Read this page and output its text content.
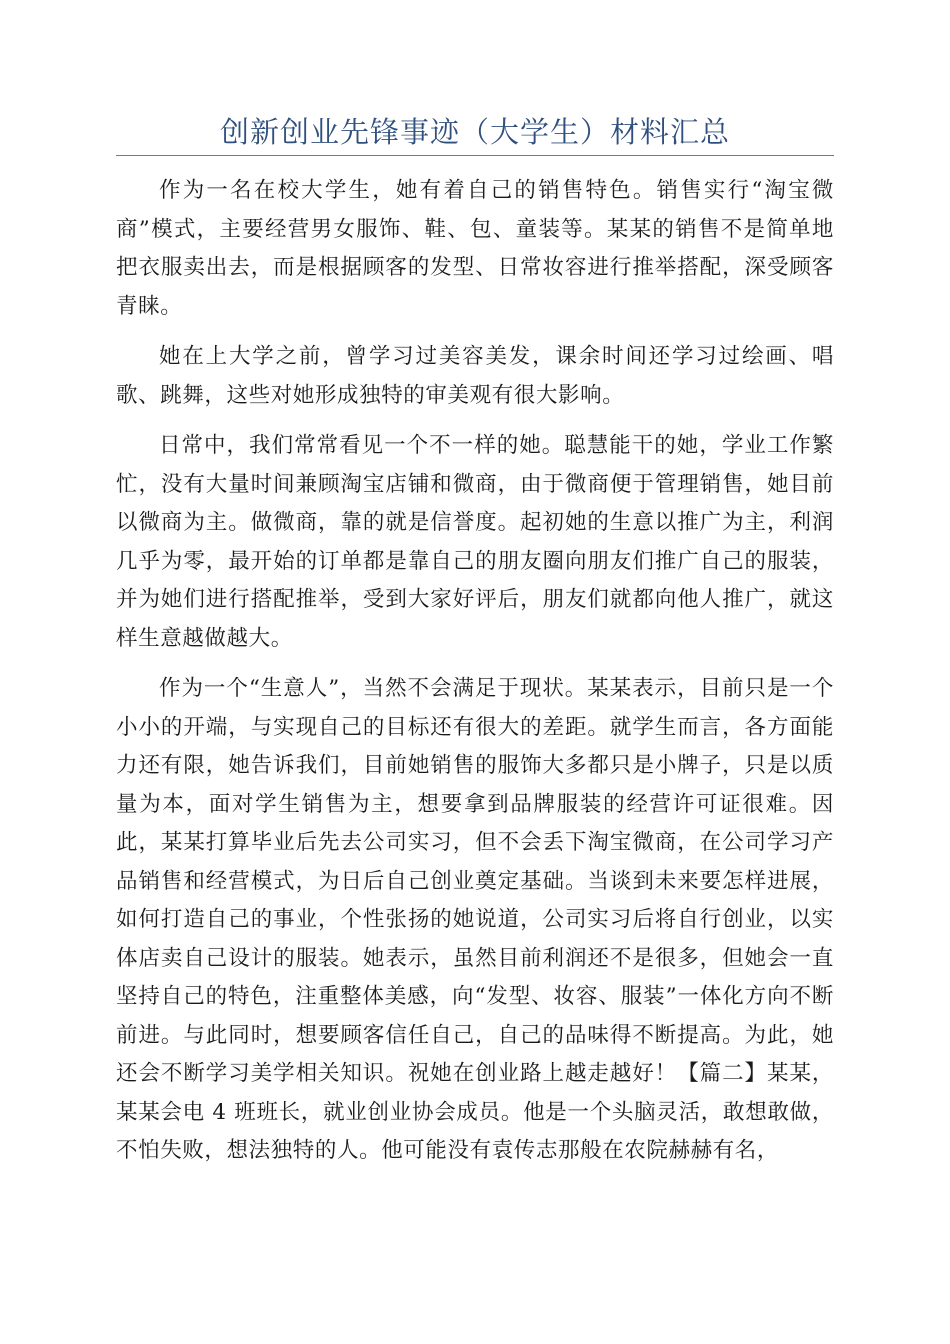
创新创业先锋事迹（大学生）材料汇总

作为一名在校大学生，她有着自己的销售特色。销售实行“淘宝微商”模式，主要经营男女服饰、鞋、包、童装等。某某的销售不是简单地把衣服卖出去，而是根据顾客的发型、日常妆容进行推举搭配，深受顾客青睐。

她在上大学之前，曾学习过美容美发，课余时间还学习过绘画、唱歌、跳舞，这些对她形成独特的审美观有很大影响。

日常中，我们常常看见一个不一样的她。聪慧能干的她，学业工作繁忙，没有大量时间兼顾淘宝店铺和微商，由于微商便于管理销售，她目前以微商为主。做微商，靠的就是信誉度。起初她的生意以推广为主，利润几乎为零，最开始的订单都是靠自己的朋友圈向朋友们推广自己的服装，并为她们进行搭配推举，受到大家好评后，朋友们就都向他人推广，就这样生意越做越大。

作为一个“生意人”，当然不会满足于现状。某某表示，目前只是一个小小的开端，与实现自己的目标还有很大的差距。就学生而言，各方面能力还有限，她告诉我们，目前她销售的服饰大多都只是小牌子，只是以质量为本，面对学生销售为主，想要拿到品牌服装的经营许可证很难。因此，某某打算毕业后先去公司实习，但不会丢下淘宝微商，在公司学习产品销售和经营模式，为日后自己创业奠定基础。当谈到未来要怎样进展，如何打造自己的事业，个性张扬的她说道，公司实习后将自行创业，以实体店卖自己设计的服装。她表示，虽然目前利润还不是很多，但她会一直坚持自己的特色，注重整体美感，向“发型、妆容、服装”一体化方向不断前进。与此同时，想要顾客信任自己，自己的品味得不断提高。为此，她还会不断学习美学相关知识。祝她在创业路上越走越好！【篇二】某某，某某会电 4 班班长，就业创业协会成员。他是一个头脑灵活，敢想敢做，不怕失败，想法独特的人。他可能没有袁传志那般在农院赫赫有名，
